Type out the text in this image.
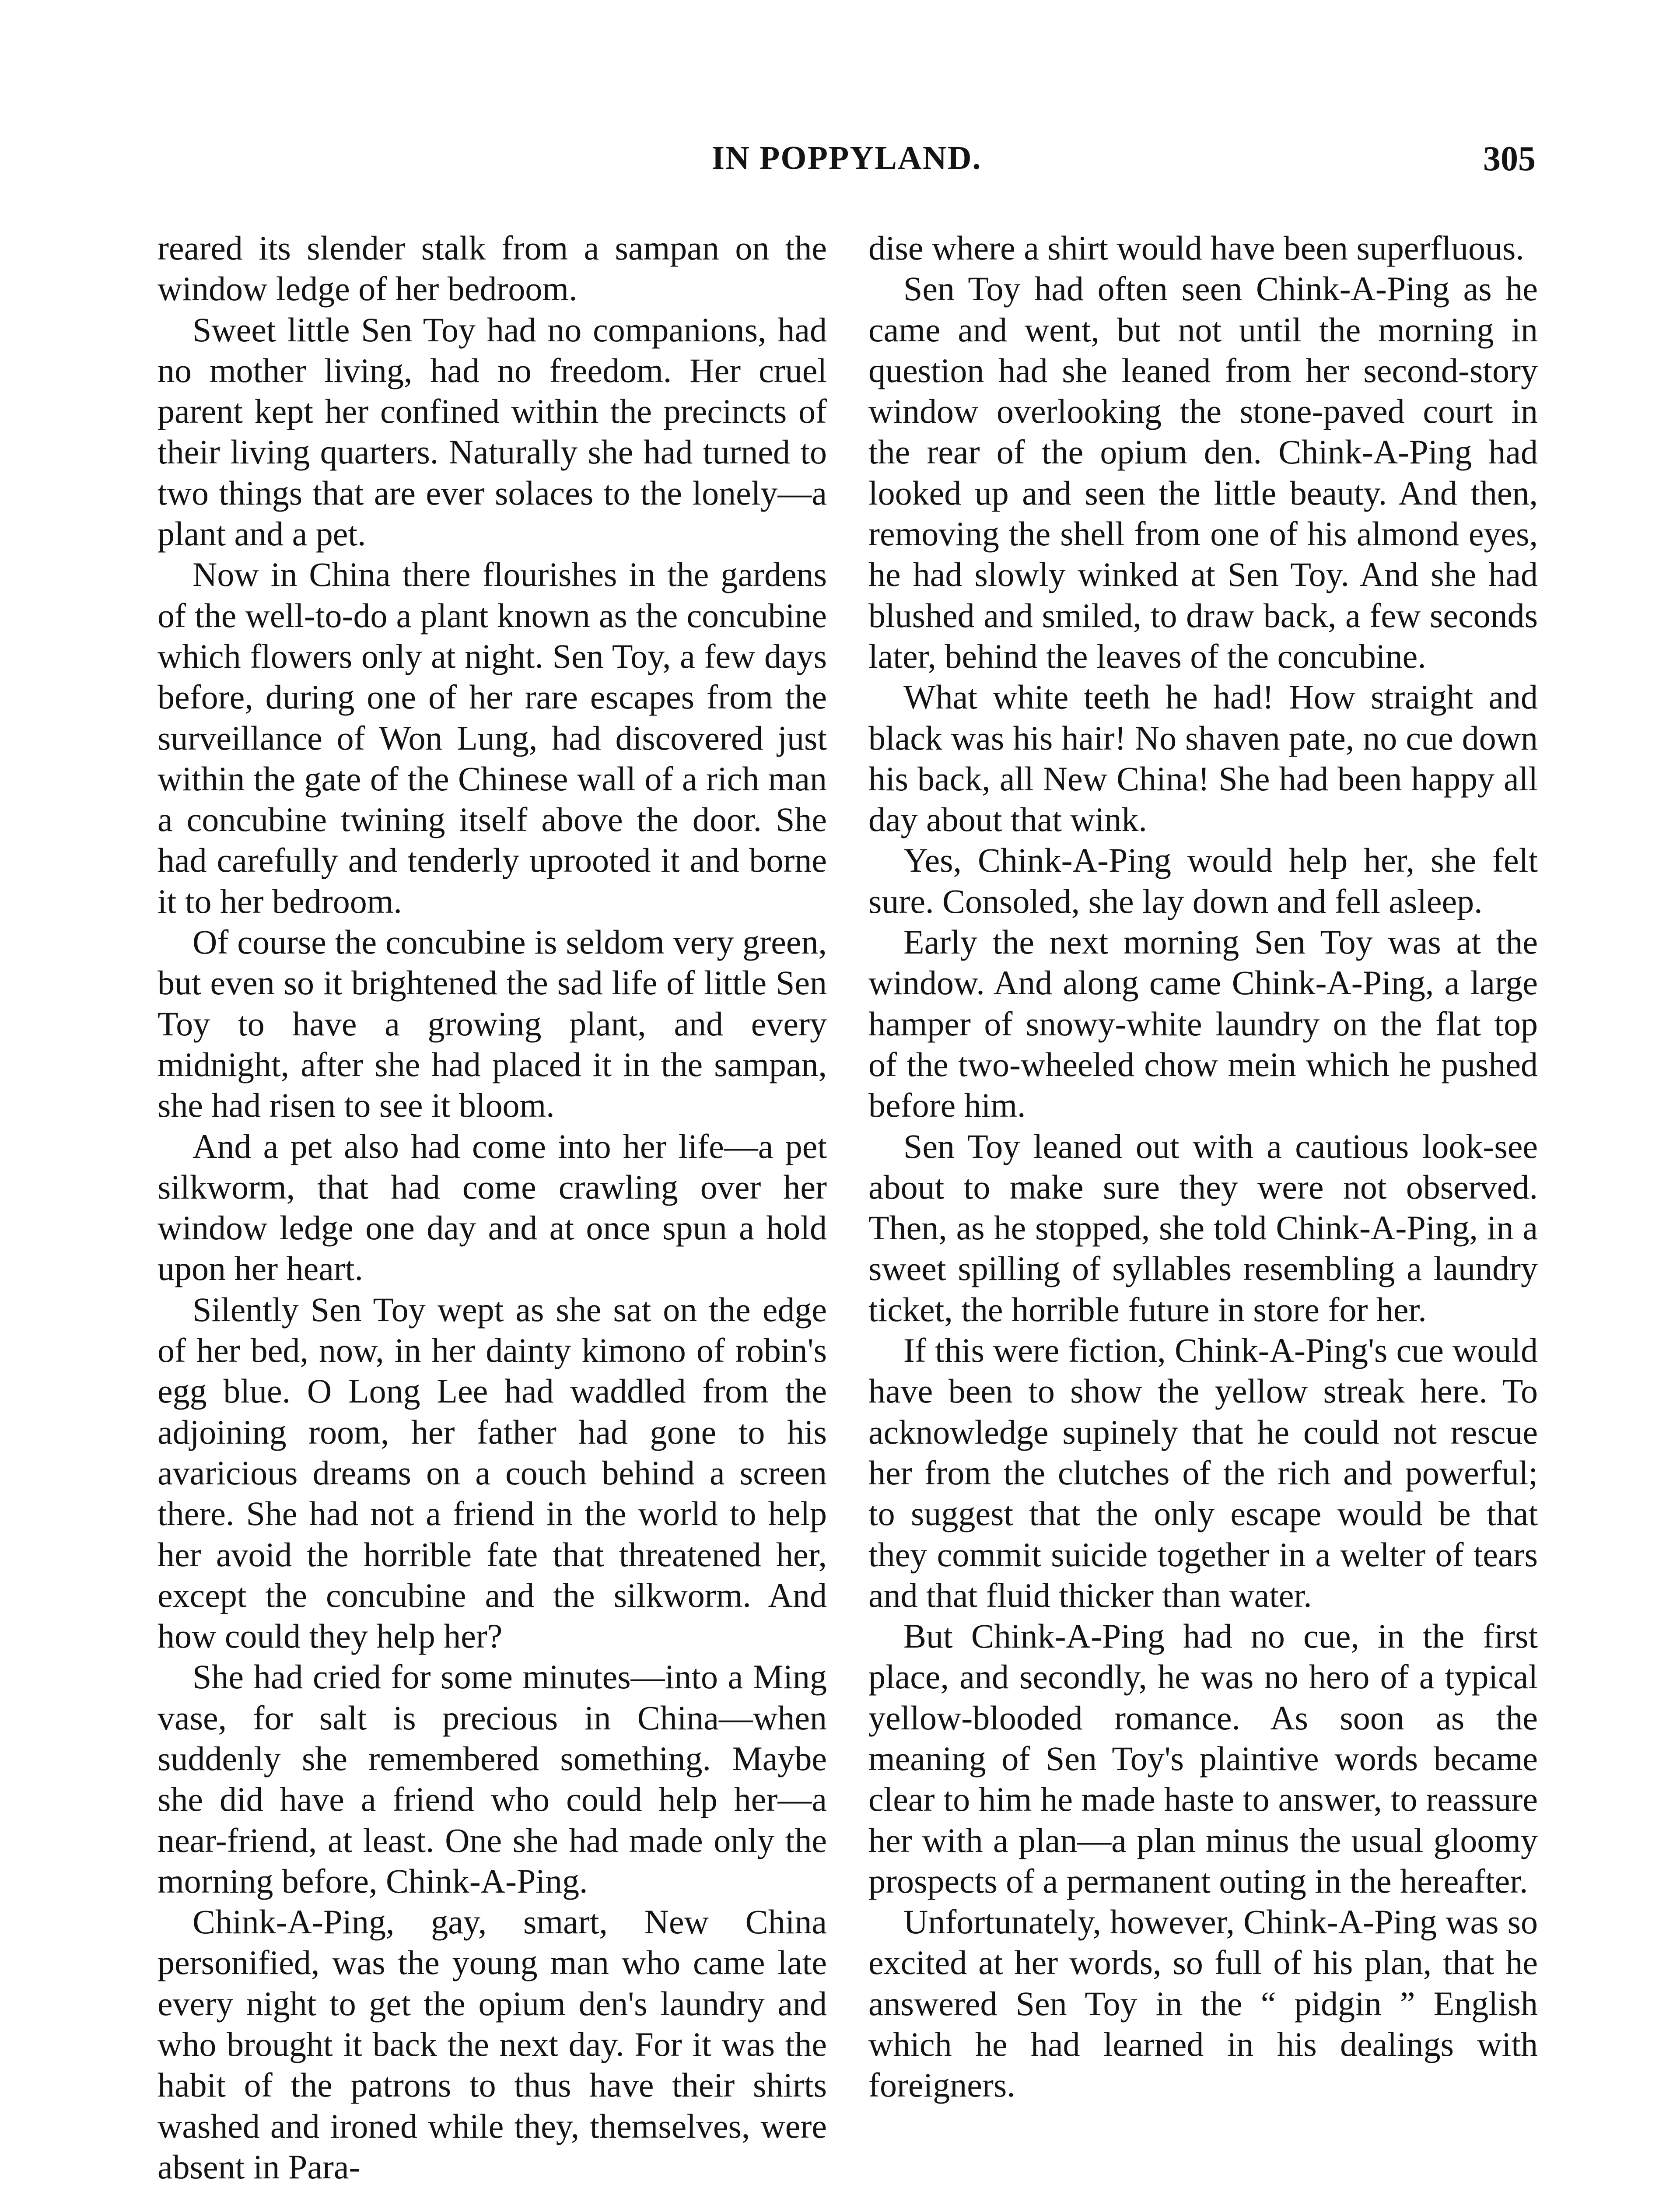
IN POPPYLAND.	305

reared its slender stalk from a sampan on the window ledge of her bedroom.

Sweet little Sen Toy had no companions, had no mother living, had no freedom. Her cruel parent kept her confined within the precincts of their living quarters. Naturally she had turned to two things that are ever solaces to the lonely—a plant and a pet.

Now in China there flourishes in the gardens of the well-to-do a plant known as the concubine which flowers only at night. Sen Toy, a few days before, during one of her rare escapes from the surveillance of Won Lung, had discovered just within the gate of the Chinese wall of a rich man a concubine twining itself above the door. She had carefully and tenderly uprooted it and borne it to her bedroom.

Of course the concubine is seldom very green, but even so it brightened the sad life of little Sen Toy to have a growing plant, and every midnight, after she had placed it in the sampan, she had risen to see it bloom.

And a pet also had come into her life—a pet silkworm, that had come crawling over her window ledge one day and at once spun a hold upon her heart.

Silently Sen Toy wept as she sat on the edge of her bed, now, in her dainty kimono of robin's egg blue. O Long Lee had waddled from the adjoining room, her father had gone to his avaricious dreams on a couch behind a screen there. She had not a friend in the world to help her avoid the horrible fate that threatened her, except the concubine and the silkworm. And how could they help her?

She had cried for some minutes—into a Ming vase, for salt is precious in China—when suddenly she remembered something. Maybe she did have a friend who could help her—a near-friend, at least. One she had made only the morning before, Chink-A-Ping.

Chink-A-Ping, gay, smart, New China personified, was the young man who came late every night to get the opium den's laundry and who brought it back the next day. For it was the habit of the patrons to thus have their shirts washed and ironed while they, themselves, were absent in Para-

dise where a shirt would have been superfluous.

Sen Toy had often seen Chink-A-Ping as he came and went, but not until the morning in question had she leaned from her second-story window overlooking the stone-paved court in the rear of the opium den. Chink-A-Ping had looked up and seen the little beauty. And then, removing the shell from one of his almond eyes, he had slowly winked at Sen Toy. And she had blushed and smiled, to draw back, a few seconds later, behind the leaves of the concubine.

What white teeth he had! How straight and black was his hair! No shaven pate, no cue down his back, all New China! She had been happy all day about that wink.

Yes, Chink-A-Ping would help her, she felt sure. Consoled, she lay down and fell asleep.

Early the next morning Sen Toy was at the window. And along came Chink-A-Ping, a large hamper of snowy-white laundry on the flat top of the two-wheeled chow mein which he pushed before him.

Sen Toy leaned out with a cautious look-see about to make sure they were not observed. Then, as he stopped, she told Chink-A-Ping, in a sweet spilling of syllables resembling a laundry ticket, the horrible future in store for her.

If this were fiction, Chink-A-Ping's cue would have been to show the yellow streak here. To acknowledge supinely that he could not rescue her from the clutches of the rich and powerful; to suggest that the only escape would be that they commit suicide together in a welter of tears and that fluid thicker than water.

But Chink-A-Ping had no cue, in the first place, and secondly, he was no hero of a typical yellow-blooded romance. As soon as the meaning of Sen Toy's plaintive words became clear to him he made haste to answer, to reassure her with a plan—a plan minus the usual gloomy prospects of a permanent outing in the hereafter.

Unfortunately, however, Chink-A-Ping was so excited at her words, so full of his plan, that he answered Sen Toy in the “ pidgin ” English which he had learned in his dealings with foreigners.
